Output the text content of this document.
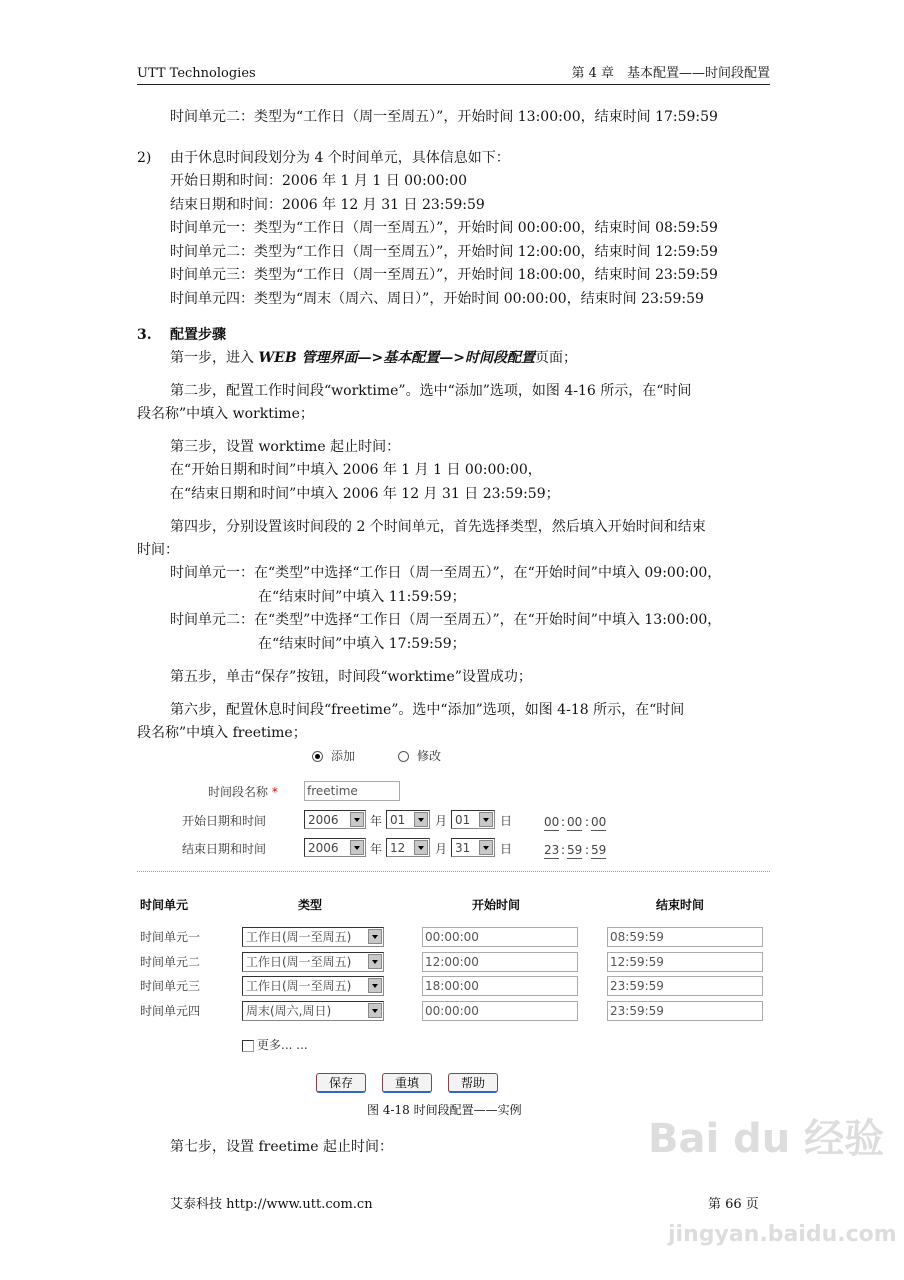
UTT Technologies	第 4 章　基本配置——时间段配置
时间单元二：类型为“工作日（周一至周五）”，开始时间 13:00:00，结束时间 17:59:59
2) 由于休息时间段划分为 4 个时间单元，具体信息如下：
开始日期和时间：2006 年 1 月 1 日 00:00:00
结束日期和时间：2006 年 12 月 31 日 23:59:59
时间单元一：类型为“工作日（周一至周五）”，开始时间 00:00:00，结束时间 08:59:59
时间单元二：类型为“工作日（周一至周五）”，开始时间 12:00:00，结束时间 12:59:59
时间单元三：类型为“工作日（周一至周五）”，开始时间 18:00:00，结束时间 23:59:59
时间单元四：类型为“周末（周六、周日）”，开始时间 00:00:00，结束时间 23:59:59
3. 配置步骤
第一步，进入 WEB 管理界面—>基本配置—>时间段配置页面；
第二步，配置工作时间段“worktime”。选中“添加”选项，如图 4-16 所示，在“时间
段名称”中填入 worktime；
第三步，设置 worktime 起止时间：
在“开始日期和时间”中填入 2006 年 1 月 1 日 00:00:00，
在“结束日期和时间”中填入 2006 年 12 月 31 日 23:59:59；
第四步，分别设置该时间段的 2 个时间单元，首先选择类型，然后填入开始时间和结束
时间：
时间单元一：在“类型”中选择“工作日（周一至周五）”，在“开始时间”中填入 09:00:00，
在“结束时间”中填入 11:59:59；
时间单元二：在“类型”中选择“工作日（周一至周五）”，在“开始时间”中填入 13:00:00，
在“结束时间”中填入 17:59:59；
第五步，单击“保存”按钮，时间段“worktime”设置成功；
第六步，配置休息时间段“freetime”。选中“添加”选项，如图 4-18 所示，在“时间
段名称”中填入 freetime；
添加	修改
时间段名称 * freetime
开始日期和时间	2006	年 01	月 01	日	00 : 00 : 00
结束日期和时间	2006	年 12	月 31	日	23 : 59 : 59
时间单元	类型	开始时间	结束时间
时间单元一	工作日(周一至周五)	00:00:00	08:59:59
时间单元二	工作日(周一至周五)	12:00:00	12:59:59
时间单元三	工作日(周一至周五)	18:00:00	23:59:59
时间单元四	周末(周六,周日)	00:00:00	23:59:59
更多... ...
保存	重填	帮助
图 4-18 时间段配置——实例
第七步，设置 freetime 起止时间：	Bai du 经验
艾泰科技 http://www.utt.com.cn	第 66 页
jingyan.baidu.com
